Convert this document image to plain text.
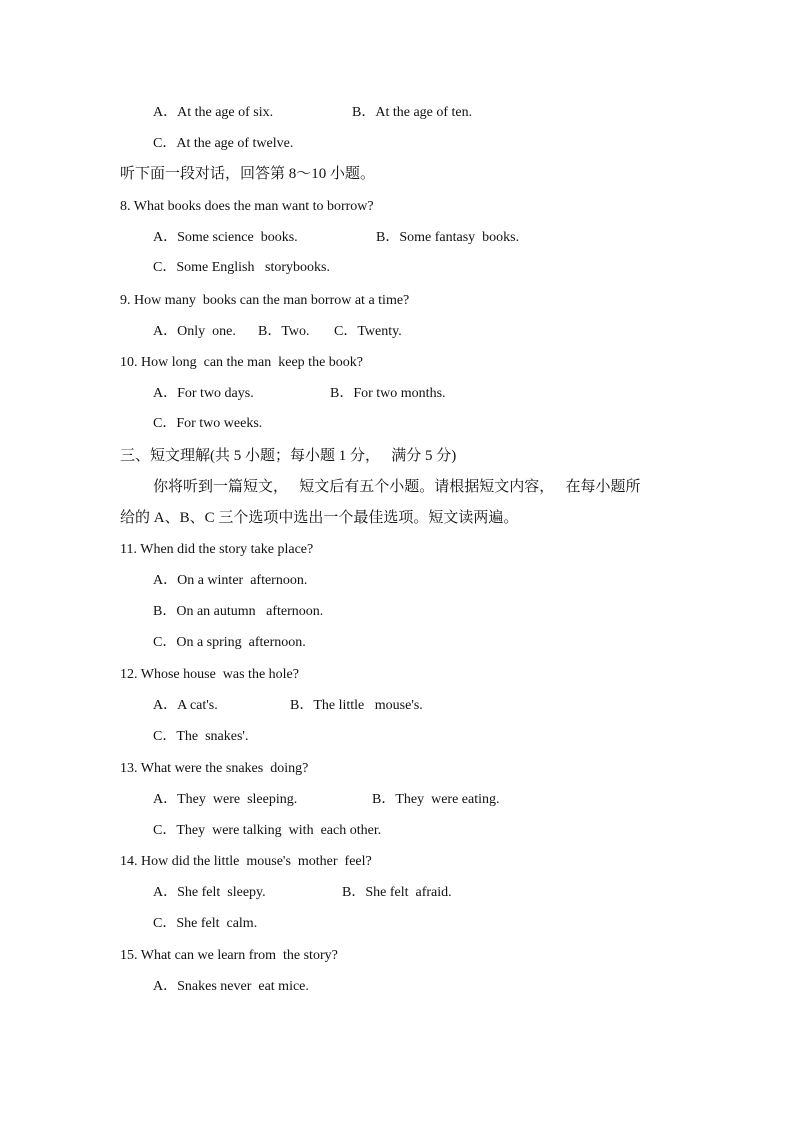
A．At the age of six.	B．At the age of ten.
C．At the age of twelve.
听下面一段对话，回答第 8～10 小题。
8. What books does the man want to borrow?
A．Some science  books.	B．Some fantasy  books.
C．Some English   storybooks.
9. How many  books can the man borrow at a time?
A．Only  one. B．Two. C．Twenty.
10. How long  can the man  keep the book?
A．For two days.	B．For two months.
C．For two weeks.
三、短文理解(共 5 小题；每小题 1 分，   满分 5 分)
你将听到一篇短文，   短文后有五个小题。请根据短文内容，   在每小题所
给的 A、B、C 三个选项中选出一个最佳选项。短文读两遍。
11. When did the story take place?
A．On a winter  afternoon.
B．On an autumn   afternoon.
C．On a spring  afternoon.
12. Whose house  was the hole?
A．A cat's.	B．The little   mouse's.
C．The  snakes'.
13. What were the snakes  doing?
A．They  were  sleeping.	B．They  were eating.
C．They  were talking  with  each other.
14. How did the little  mouse's  mother  feel?
A．She felt  sleepy.	B．She felt  afraid.
C．She felt  calm.
15. What can we learn from  the story?
A．Snakes never  eat mice.
